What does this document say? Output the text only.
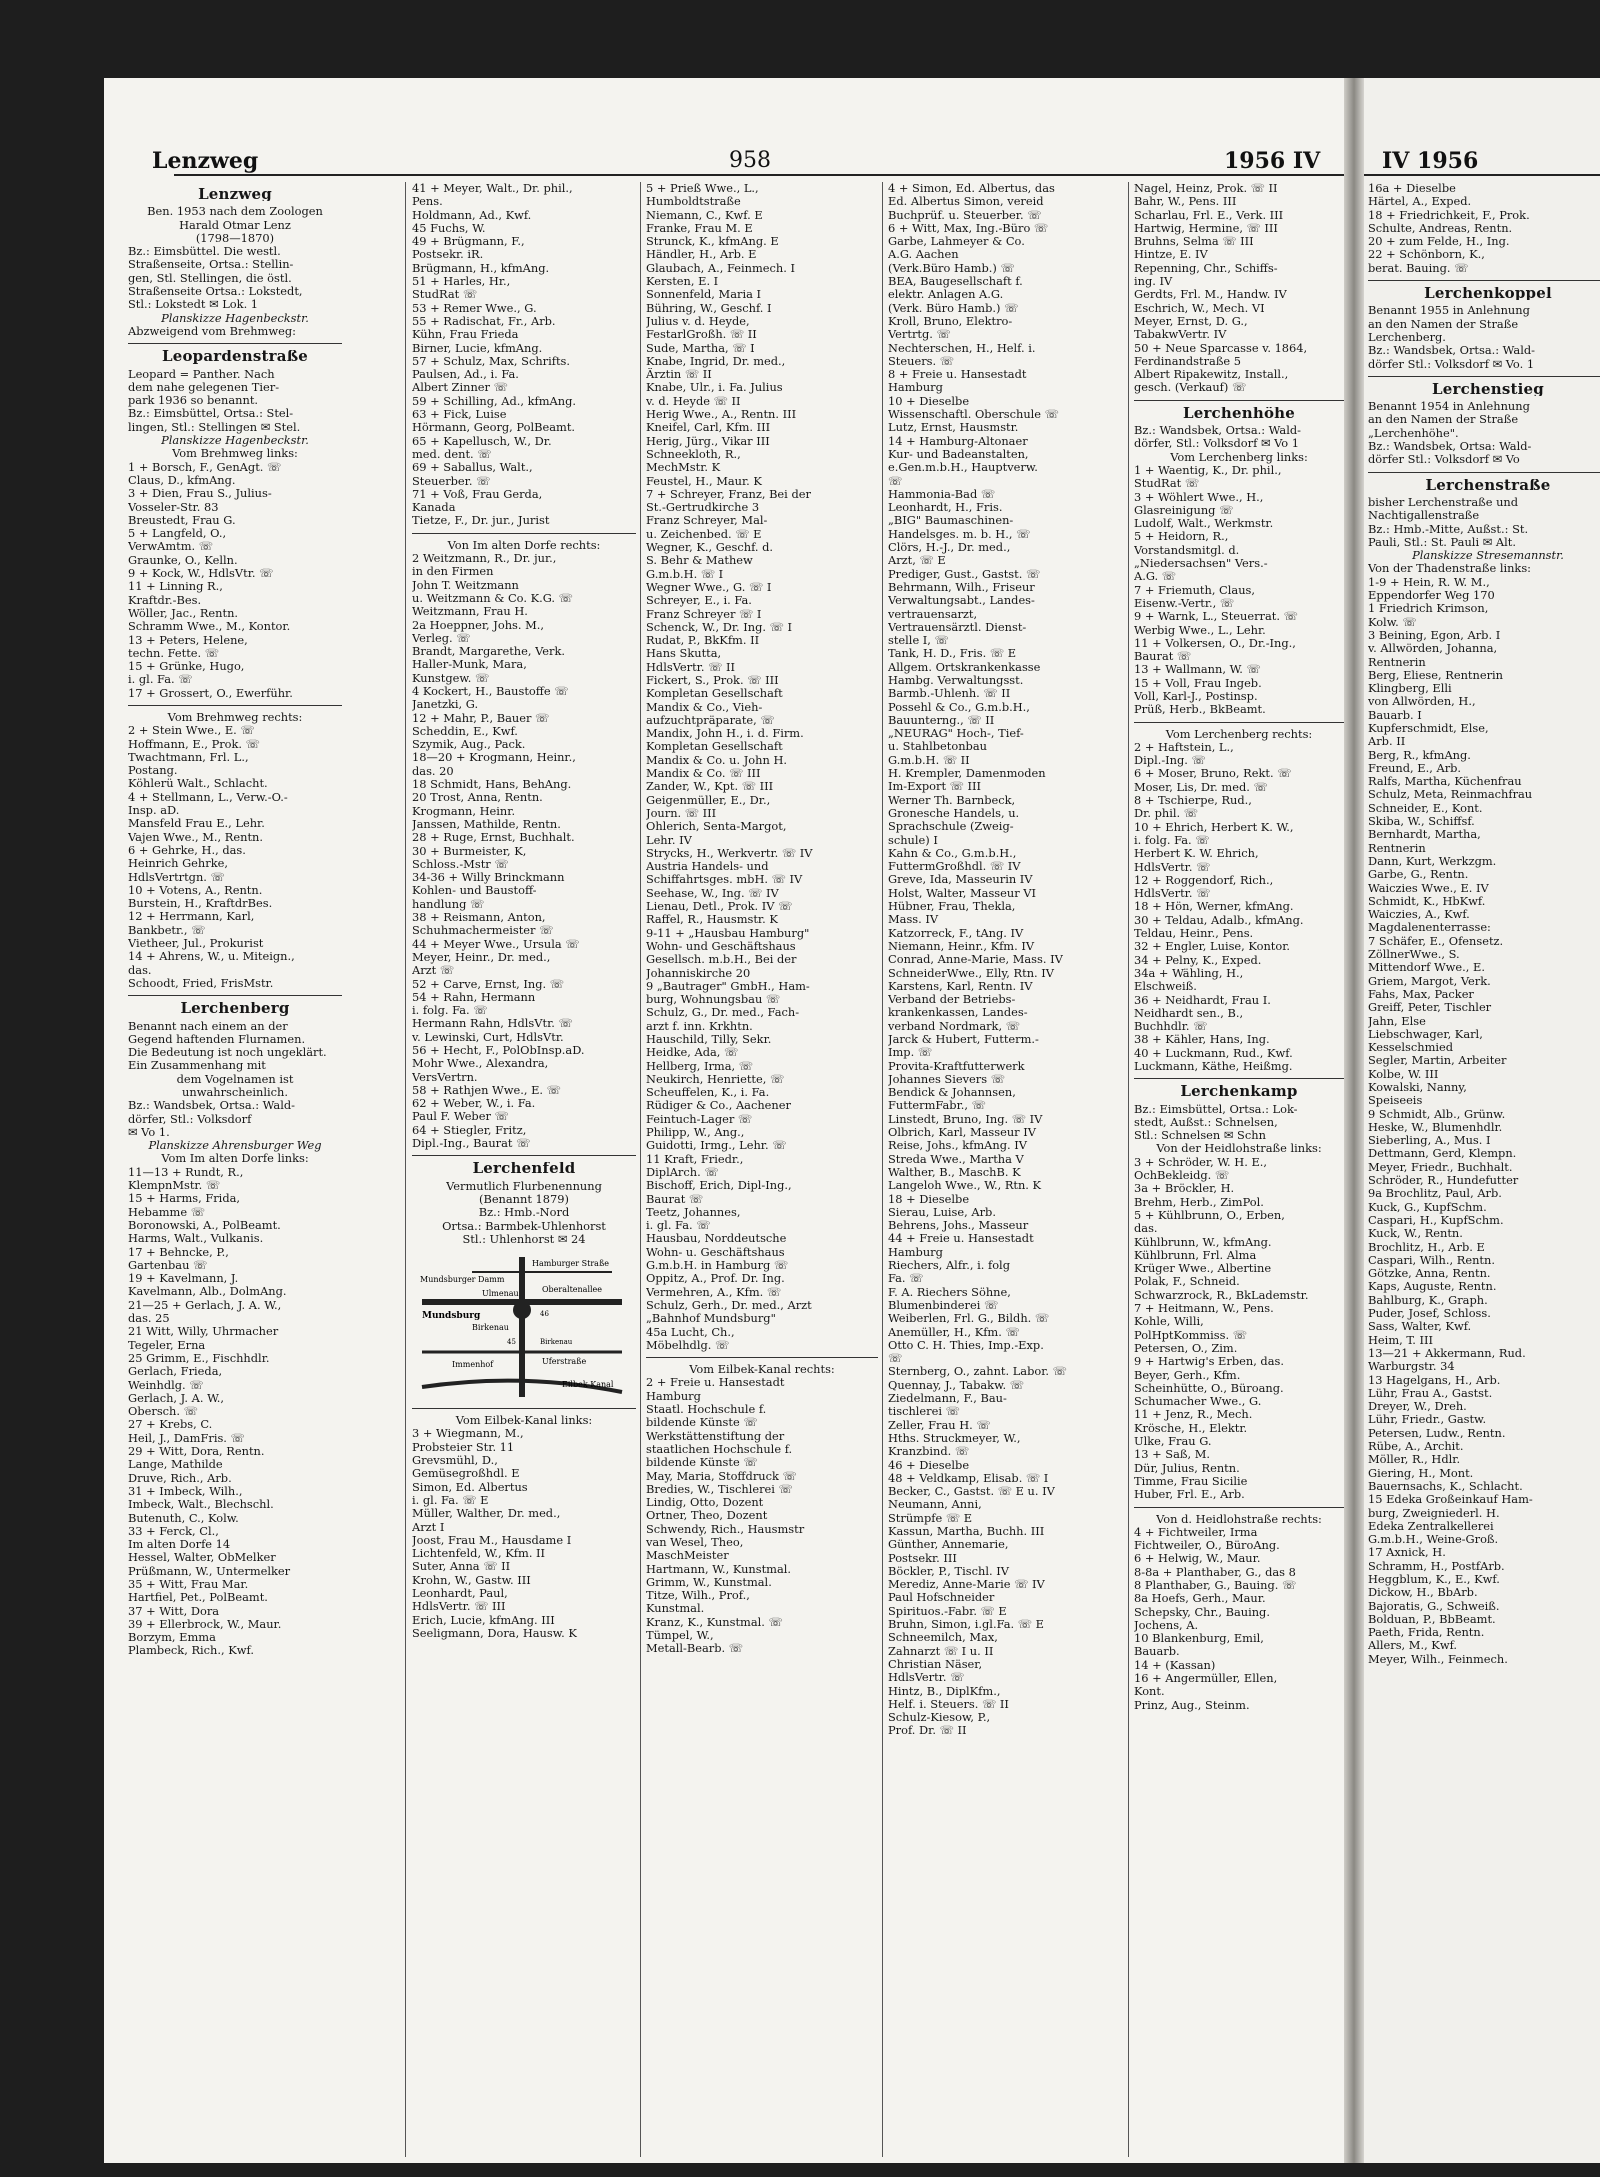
Lenzweg	958	1956 IV
Lenzweg
Ben. 1953 nach dem Zoologen
Harald Otmar Lenz
(1798—1870)
Bz.: Eimsbüttel. Die westl.
Straßenseite, Ortsa.: Stellin-
gen, Stl. Stellingen, die östl.
Straßenseite Ortsa.: Lokstedt,
Stl.: Lokstedt ✉ Lok. 1
Planskizze Hagenbeckstr.
Abzweigend vom Brehmweg:
Leopardenstraße
Leopard = Panther. Nach
dem nahe gelegenen Tier-
park 1936 so benannt.
Bz.: Eimsbüttel, Ortsa.: Stel-
lingen, Stl.: Stellingen ✉ Stel.
Planskizze Hagenbeckstr.
Vom Brehmweg links:
1 + Borsch, F., GenAgt. ☏
Claus, D., kfmAng.
3 + Dien, Frau S., Julius-
Vosseler-Str. 83
Breustedt, Frau G.
5 + Langfeld, O.,
VerwAmtm. ☏
Graunke, O., Kelln.
9 + Kock, W., HdlsVtr. ☏
11 + Linning R.,
Kraftdr.-Bes.
Wöller, Jac., Rentn.
Schramm Wwe., M., Kontor.
13 + Peters, Helene,
techn. Fette. ☏
15 + Grünke, Hugo,
i. gl. Fa. ☏
17 + Grossert, O., Ewerführ.
Vom Brehmweg rechts:
2 + Stein Wwe., E. ☏
Hoffmann, E., Prok. ☏
Twachtmann, Frl. L.,
Postang.
Köhlerü Walt., Schlacht.
4 + Stellmann, L., Verw.-O.-
Insp. aD.
Mansfeld Frau E., Lehr.
Vajen Wwe., M., Rentn.
6 + Gehrke, H., das.
Heinrich Gehrke,
HdlsVertrtgn. ☏
10 + Votens, A., Rentn.
Burstein, H., KraftdrBes.
12 + Herrmann, Karl,
Bankbetr., ☏
Vietheer, Jul., Prokurist
14 + Ahrens, W., u. Miteign.,
das.
Schoodt, Fried, FrisMstr.
Lerchenberg
Benannt nach einem an der
Gegend haftenden Flurnamen.
Die Bedeutung ist noch ungeklärt.
Ein Zusammenhang mit
dem Vogelnamen ist
unwahrscheinlich.
Bz.: Wandsbek, Ortsa.: Wald-
dörfer, Stl.: Volksdorf
✉ Vo 1.
Planskizze Ahrensburger Weg
Vom Im alten Dorfe links:
11—13 + Rundt, R.,
KlempnMstr. ☏
15 + Harms, Frida,
Hebamme ☏
Boronowski, A., PolBeamt.
Harms, Walt., Vulkanis.
17 + Behncke, P.,
Gartenbau ☏
19 + Kavelmann, J.
Kavelmann, Alb., DolmAng.
21—25 + Gerlach, J. A. W.,
das. 25
21 Witt, Willy, Uhrmacher
Tegeler, Erna
25 Grimm, E., Fischhdlr.
Gerlach, Frieda,
Weinhdlg. ☏
Gerlach, J. A. W.,
Obersch. ☏
27 + Krebs, C.
Heil, J., DamFris. ☏
29 + Witt, Dora, Rentn.
Lange, Mathilde
Druve, Rich., Arb.
31 + Imbeck, Wilh.,
Imbeck, Walt., Blechschl.
Butenuth, C., Kolw.
33 + Ferck, Cl.,
Im alten Dorfe 14
Hessel, Walter, ObMelker
Prüßmann, W., Untermelker
35 + Witt, Frau Mar.
Hartfiel, Pet., PolBeamt.
37 + Witt, Dora
39 + Ellerbrock, W., Maur.
Borzym, Emma
Plambeck, Rich., Kwf.
41 + Meyer, Walt., Dr. phil.,
Pens.
Holdmann, Ad., Kwf.
45 Fuchs, W.
49 + Brügmann, F.,
Postsekr. iR.
Brügmann, H., kfmAng.
51 + Harles, Hr.,
StudRat ☏
53 + Remer Wwe., G.
55 + Radischat, Fr., Arb.
Kühn, Frau Frieda
Birner, Lucie, kfmAng.
57 + Schulz, Max, Schrifts.
Paulsen, Ad., i. Fa.
Albert Zinner ☏
59 + Schilling, Ad., kfmAng.
63 + Fick, Luise
Hörmann, Georg, PolBeamt.
65 + Kapellusch, W., Dr.
med. dent. ☏
69 + Saballus, Walt.,
Steuerber. ☏
71 + Voß, Frau Gerda,
Kanada
Tietze, F., Dr. jur., Jurist
Von Im alten Dorfe rechts:
2 Weitzmann, R., Dr. jur.,
in den Firmen
John T. Weitzmann
u. Weitzmann & Co. K.G. ☏
Weitzmann, Frau H.
2a Hoeppner, Johs. M.,
Verleg. ☏
Brandt, Margarethe, Verk.
Haller-Munk, Mara,
Kunstgew. ☏
4 Kockert, H., Baustoffe ☏
Janetzki, G.
12 + Mahr, P., Bauer ☏
Scheddin, E., Kwf.
Szymik, Aug., Pack.
18—20 + Krogmann, Heinr.,
das. 20
18 Schmidt, Hans, BehAng.
20 Trost, Anna, Rentn.
Krogmann, Heinr.
Janssen, Mathilde, Rentn.
28 + Ruge, Ernst, Buchhalt.
30 + Burmeister, K,
Schloss.-Mstr ☏
34-36 + Willy Brinckmann
Kohlen- und Baustoff-
handlung ☏
38 + Reismann, Anton,
Schuhmachermeister ☏
44 + Meyer Wwe., Ursula ☏
Meyer, Heinr., Dr. med.,
Arzt ☏
52 + Carve, Ernst, Ing. ☏
54 + Rahn, Hermann
i. folg. Fa. ☏
Hermann Rahn, HdlsVtr. ☏
v. Lewinski, Curt, HdlsVtr.
56 + Hecht, F., PolObInsp.aD.
Mohr Wwe., Alexandra,
VersVertrn.
58 + Rathjen Wwe., E. ☏
62 + Weber, W., i. Fa.
Paul F. Weber ☏
64 + Stiegler, Fritz,
Dipl.-Ing., Baurat ☏
Lerchenfeld
Vermutlich Flurbenennung
(Benannt 1879)
Bz.: Hmb.-Nord
Ortsa.: Barmbek-Uhlenhorst
Stl.: Uhlenhorst ✉ 24
Hamburger Straße
Mundsburger Damm
Oberaltenallee
Ulmenau
Mundsburg
Birkenau
Immenhof	Uferstraße
Eilbek-Kanal
46
Birkenau
45
Vom Eilbek-Kanal links:
3 + Wiegmann, M.,
Probsteier Str. 11
Grevsmühl, D.,
Gemüsegroßhdl. E
Simon, Ed. Albertus
i. gl. Fa. ☏ E
Müller, Walther, Dr. med.,
Arzt I
Joost, Frau M., Hausdame I
Lichtenfeld, W., Kfm. II
Suter, Anna ☏ II
Krohn, W., Gastw. III
Leonhardt, Paul,
HdlsVertr. ☏ III
Erich, Lucie, kfmAng. III
Seeligmann, Dora, Hausw. K
5 + Prieß Wwe., L.,
Humboldtstraße
Niemann, C., Kwf. E
Franke, Frau M. E
Strunck, K., kfmAng. E
Händler, H., Arb. E
Glaubach, A., Feinmech. I
Kersten, E. I
Sonnenfeld, Maria I
Bühring, W., Geschf. I
Julius v. d. Heyde,
FestarlGroßh. ☏ II
Sude, Martha, ☏ I
Knabe, Ingrid, Dr. med.,
Ärztin ☏ II
Knabe, Ulr., i. Fa. Julius
v. d. Heyde ☏ II
Herig Wwe., A., Rentn. III
Kneifel, Carl, Kfm. III
Herig, Jürg., Vikar III
Schneekloth, R.,
MechMstr. K
Feustel, H., Maur. K
7 + Schreyer, Franz, Bei der
St.-Gertrudkirche 3
Franz Schreyer, Mal-
u. Zeichenbed. ☏ E
Wegner, K., Geschf. d.
S. Behr & Mathew
G.m.b.H. ☏ I
Wegner Wwe., G. ☏ I
Schreyer, E., i. Fa.
Franz Schreyer ☏ I
Schenck, W., Dr. Ing. ☏ I
Rudat, P., BkKfm. II
Hans Skutta,
HdlsVertr. ☏ II
Fickert, S., Prok. ☏ III
Kompletan Gesellschaft
Mandix & Co., Vieh-
aufzuchtpräparate, ☏
Mandix, John H., i. d. Firm.
Kompletan Gesellschaft
Mandix & Co. u. John H.
Mandix & Co. ☏ III
Zander, W., Kpt. ☏ III
Geigenmüller, E., Dr.,
Journ. ☏ III
Ohlerich, Senta-Margot,
Lehr. IV
Strycks, H., Werkvertr. ☏ IV
Austria Handels- und
Schiffahrtsges. mbH. ☏ IV
Seehase, W., Ing. ☏ IV
Lienau, Detl., Prok. IV ☏
Raffel, R., Hausmstr. K
9-11 + „Hausbau Hamburg"
Wohn- und Geschäftshaus
Gesellsch. m.b.H., Bei der
Johanniskirche 20
9 „Bautrager" GmbH., Ham-
burg, Wohnungsbau ☏
Schulz, G., Dr. med., Fach-
arzt f. inn. Krkhtn.
Hauschild, Tilly, Sekr.
Heidke, Ada, ☏
Hellberg, Irma, ☏
Neukirch, Henriette, ☏
Scheuffelen, K., i. Fa.
Rüdiger & Co., Aachener
Feintuch-Lager ☏
Philipp, W., Ang.,
Guidotti, Irmg., Lehr. ☏
11 Kraft, Friedr.,
DiplArch. ☏
Bischoff, Erich, Dipl-Ing.,
Baurat ☏
Teetz, Johannes,
i. gl. Fa. ☏
Hausbau, Norddeutsche
Wohn- u. Geschäftshaus
G.m.b.H. in Hamburg ☏
Oppitz, A., Prof. Dr. Ing.
Vermehren, A., Kfm. ☏
Schulz, Gerh., Dr. med., Arzt
„Bahnhof Mundsburg"
45a Lucht, Ch.,
Möbelhdlg. ☏
Vom Eilbek-Kanal rechts:
2 + Freie u. Hansestadt
Hamburg
Staatl. Hochschule f.
bildende Künste ☏
Werkstättenstiftung der
staatlichen Hochschule f.
bildende Künste ☏
May, Maria, Stoffdruck ☏
Bredies, W., Tischlerei ☏
Lindig, Otto, Dozent
Ortner, Theo, Dozent
Schwendy, Rich., Hausmstr
van Wesel, Theo,
MaschMeister
Hartmann, W., Kunstmal.
Grimm, W., Kunstmal.
Titze, Wilh., Prof.,
Kunstmal.
Kranz, K., Kunstmal. ☏
Tümpel, W.,
Metall-Bearb. ☏
4 + Simon, Ed. Albertus, das
Ed. Albertus Simon, vereid
Buchprüf. u. Steuerber. ☏
6 + Witt, Max, Ing.-Büro ☏
Garbe, Lahmeyer & Co.
A.G. Aachen
(Verk.Büro Hamb.) ☏
BEA, Baugesellschaft f.
elektr. Anlagen A.G.
(Verk. Büro Hamb.) ☏
Kroll, Bruno, Elektro-
Vertrtg. ☏
Nechterschen, H., Helf. i.
Steuers. ☏
8 + Freie u. Hansestadt
Hamburg
10 + Dieselbe
Wissenschaftl. Oberschule ☏
Lutz, Ernst, Hausmstr.
14 + Hamburg-Altonaer
Kur- und Badeanstalten,
e.Gen.m.b.H., Hauptverw.
☏
Hammonia-Bad ☏
Leonhardt, H., Fris.
„BIG" Baumaschinen-
Handelsges. m. b. H., ☏
Clörs, H.-J., Dr. med.,
Arzt, ☏ E
Prediger, Gust., Gastst. ☏
Behrmann, Wilh., Friseur
Verwaltungsabt., Landes-
vertrauensarzt,
Vertrauensärztl. Dienst-
stelle I, ☏
Tank, H. D., Fris. ☏ E
Allgem. Ortskrankenkasse
Hambg. Verwaltungsst.
Barmb.-Uhlenh. ☏ II
Possehl & Co., G.m.b.H.,
Bauunterng., ☏ II
„NEURAG" Hoch-, Tief-
u. Stahlbetonbau
G.m.b.H. ☏ II
H. Krempler, Damenmoden
Im-Export ☏ III
Werner Th. Barnbeck,
Gronesche Handels, u.
Sprachschule (Zweig-
schule) I
Kahn & Co., G.m.b.H.,
FuttermGroßhdl. ☏ IV
Greve, Ida, Masseurin IV
Holst, Walter, Masseur VI
Hübner, Frau, Thekla,
Mass. IV
Katzorreck, F., tAng. IV
Niemann, Heinr., Kfm. IV
Conrad, Anne-Marie, Mass. IV
SchneiderWwe., Elly, Rtn. IV
Karstens, Karl, Rentn. IV
Verband der Betriebs-
krankenkassen, Landes-
verband Nordmark, ☏
Jarck & Hubert, Futterm.-
Imp. ☏
Provita-Kraftfutterwerk
Johannes Sievers ☏
Bendick & Johannsen,
FuttermFabr., ☏
Linstedt, Bruno, Ing. ☏ IV
Olbrich, Karl, Masseur IV
Reise, Johs., kfmAng. IV
Streda Wwe., Martha V
Walther, B., MaschB. K
Langeloh Wwe., W., Rtn. K
18 + Dieselbe
Sierau, Luise, Arb.
Behrens, Johs., Masseur
44 + Freie u. Hansestadt
Hamburg
Riechers, Alfr., i. folg
Fa. ☏
F. A. Riechers Söhne,
Blumenbinderei ☏
Weiberlen, Frl. G., Bildh. ☏
Anemüller, H., Kfm. ☏
Otto C. H. Thies, Imp.-Exp.
☏
Sternberg, O., zahnt. Labor. ☏
Quennay, J., Tabakw. ☏
Ziedelmann, F., Bau-
tischlerei ☏
Zeller, Frau H. ☏
Hths. Struckmeyer, W.,
Kranzbind. ☏
46 + Dieselbe
48 + Veldkamp, Elisab. ☏ I
Becker, C., Gastst. ☏ E u. IV
Neumann, Anni,
Strümpfe ☏ E
Kassun, Martha, Buchh. III
Günther, Annemarie,
Postsekr. III
Böckler, P., Tischl. IV
Merediz, Anne-Marie ☏ IV
Paul Hofschneider
Spirituos.-Fabr. ☏ E
Bruhn, Simon, i.gl.Fa. ☏ E
Schneemilch, Max,
Zahnarzt ☏ I u. II
Christian Näser,
HdlsVertr. ☏
Hintz, B., DiplKfm.,
Helf. i. Steuers. ☏ II
Schulz-Kiesow, P.,
Prof. Dr. ☏ II
Nagel, Heinz, Prok. ☏ II
Bahr, W., Pens. III
Scharlau, Frl. E., Verk. III
Hartwig, Hermine, ☏ III
Bruhns, Selma ☏ III
Hintze, E. IV
Repenning, Chr., Schiffs-
ing. IV
Gerdts, Frl. M., Handw. IV
Eschrich, W., Mech. VI
Meyer, Ernst, D. G.,
TabakwVertr. IV
50 + Neue Sparcasse v. 1864,
Ferdinandstraße 5
Albert Ripakewitz, Install.,
gesch. (Verkauf) ☏
Lerchenhöhe
Bz.: Wandsbek, Ortsa.: Wald-
dörfer, Stl.: Volksdorf ✉ Vo 1
Vom Lerchenberg links:
1 + Waentig, K., Dr. phil.,
StudRat ☏
3 + Wöhlert Wwe., H.,
Glasreinigung ☏
Ludolf, Walt., Werkmstr.
5 + Heidorn, R.,
Vorstandsmitgl. d.
„Niedersachsen" Vers.-
A.G. ☏
7 + Friemuth, Claus,
Eisenw.-Vertr., ☏
9 + Warnk, L., Steuerrat. ☏
Werbig Wwe., L., Lehr.
11 + Volkersen, O., Dr.-Ing.,
Baurat ☏
13 + Wallmann, W. ☏
15 + Voll, Frau Ingeb.
Voll, Karl-J., Postinsp.
Prüß, Herb., BkBeamt.
Vom Lerchenberg rechts:
2 + Haftstein, L.,
Dipl.-Ing. ☏
6 + Moser, Bruno, Rekt. ☏
Moser, Lis, Dr. med. ☏
8 + Tschierpe, Rud.,
Dr. phil. ☏
10 + Ehrich, Herbert K. W.,
i. folg. Fa. ☏
Herbert K. W. Ehrich,
HdlsVertr. ☏
12 + Roggendorf, Rich.,
HdlsVertr. ☏
18 + Hön, Werner, kfmAng.
30 + Teldau, Adalb., kfmAng.
Teldau, Heinr., Pens.
32 + Engler, Luise, Kontor.
34 + Pelny, K., Exped.
34a + Wähling, H.,
Elschweiß.
36 + Neidhardt, Frau I.
Neidhardt sen., B.,
Buchhdlr. ☏
38 + Kähler, Hans, Ing.
40 + Luckmann, Rud., Kwf.
Luckmann, Käthe, Heißmg.
Lerchenkamp
Bz.: Eimsbüttel, Ortsa.: Lok-
stedt, Außst.: Schnelsen,
Stl.: Schnelsen ✉ Schn
Von der Heidlohstraße links:
3 + Schröder, W. H. E.,
OchBekleidg. ☏
3a + Bröckler, H.
Brehm, Herb., ZimPol.
5 + Kühlbrunn, O., Erben,
das.
Kühlbrunn, W., kfmAng.
Kühlbrunn, Frl. Alma
Krüger Wwe., Albertine
Polak, F., Schneid.
Schwarzrock, R., BkLademstr.
7 + Heitmann, W., Pens.
Kohle, Willi,
PolHptKommiss. ☏
Petersen, O., Zim.
9 + Hartwig's Erben, das.
Beyer, Gerh., Kfm.
Scheinhütte, O., Büroang.
Schumacher Wwe., G.
11 + Jenz, R., Mech.
Krösche, H., Elektr.
Ulke, Frau G.
13 + Saß, M.
Dür, Julius, Rentn.
Timme, Frau Sicilie
Huber, Frl. E., Arb.
Von d. Heidlohstraße rechts:
4 + Fichtweiler, Irma
Fichtweiler, O., BüroAng.
6 + Helwig, W., Maur.
8-8a + Planthaber, G., das 8
8 Planthaber, G., Bauing. ☏
8a Hoefs, Gerh., Maur.
Schepsky, Chr., Bauing.
Jochens, A.
10 Blankenburg, Emil,
Bauarb.
14 + (Kassan)
16 + Angermüller, Ellen,
Kont.
Prinz, Aug., Steinm.
IV 1956
16a + Dieselbe
Härtel, A., Exped.
18 + Friedrichkeit, F., Prok.
Schulte, Andreas, Rentn.
20 + zum Felde, H., Ing.
22 + Schönborn, K.,
berat. Bauing. ☏
Lerchenkoppel
Benannt 1955 in Anlehnung
an den Namen der Straße
Lerchenberg.
Bz.: Wandsbek, Ortsa.: Wald-
dörfer Stl.: Volksdorf ✉ Vo. 1
Lerchenstieg
Benannt 1954 in Anlehnung
an den Namen der Straße
„Lerchenhöhe".
Bz.: Wandsbek, Ortsa: Wald-
dörfer Stl.: Volksdorf ✉ Vo
Lerchenstraße
bisher Lerchenstraße und
Nachtigallenstraße
Bz.: Hmb.-Mitte, Außst.: St.
Pauli, Stl.: St. Pauli ✉ Alt.
Planskizze Stresemannstr.
Von der Thadenstraße links:
1-9 + Hein, R. W. M.,
Eppendorfer Weg 170
1 Friedrich Krimson,
Kolw. ☏
3 Beining, Egon, Arb. I
v. Allwörden, Johanna,
Rentnerin
Berg, Eliese, Rentnerin
Klingberg, Elli
von Allwörden, H.,
Bauarb. I
Kupferschmidt, Else,
Arb. II
Berg, R., kfmAng.
Freund, E., Arb.
Ralfs, Martha, Küchenfrau
Schulz, Meta, Reinmachfrau
Schneider, E., Kont.
Skiba, W., Schiffsf.
Bernhardt, Martha,
Rentnerin
Dann, Kurt, Werkzgm.
Garbe, G., Rentn.
Waiczies Wwe., E. IV
Schmidt, K., HbKwf.
Waiczies, A., Kwf.
Magdalenenterrasse:
7 Schäfer, E., Ofensetz.
ZöllnerWwe., S.
Mittendorf Wwe., E.
Griem, Margot, Verk.
Fahs, Max, Packer
Greiff, Peter, Tischler
Jahn, Else
Liebschwager, Karl,
Kesselschmied
Segler, Martin, Arbeiter
Kolbe, W. III
Kowalski, Nanny,
Speiseeis
9 Schmidt, Alb., Grünw.
Heske, W., Blumenhdlr.
Sieberling, A., Mus. I
Dettmann, Gerd, Klempn.
Meyer, Friedr., Buchhalt.
Schröder, R., Hundefutter
9a Brochlitz, Paul, Arb.
Kuck, G., KupfSchm.
Caspari, H., KupfSchm.
Kuck, W., Rentn.
Brochlitz, H., Arb. E
Caspari, Wilh., Rentn.
Götzke, Anna, Rentn.
Kaps, Auguste, Rentn.
Bahlburg, K., Graph.
Puder, Josef, Schloss.
Sass, Walter, Kwf.
Heim, T. III
13—21 + Akkermann, Rud.
Warburgstr. 34
13 Hagelgans, H., Arb.
Lühr, Frau A., Gastst.
Dreyer, W., Dreh.
Lühr, Friedr., Gastw.
Petersen, Ludw., Rentn.
Rübe, A., Archit.
Möller, R., Hdlr.
Giering, H., Mont.
Bauernsachs, K., Schlacht.
15 Edeka Großeinkauf Ham-
burg, Zweigniederl. H.
Edeka Zentralkellerei
G.m.b.H., Weine-Groß.
17 Axnick, H.
Schramm, H., PostfArb.
Heggblum, K., E., Kwf.
Dickow, H., BbArb.
Bajoratis, G., Schweiß.
Bolduan, P., BbBeamt.
Paeth, Frida, Rentn.
Allers, M., Kwf.
Meyer, Wilh., Feinmech.
